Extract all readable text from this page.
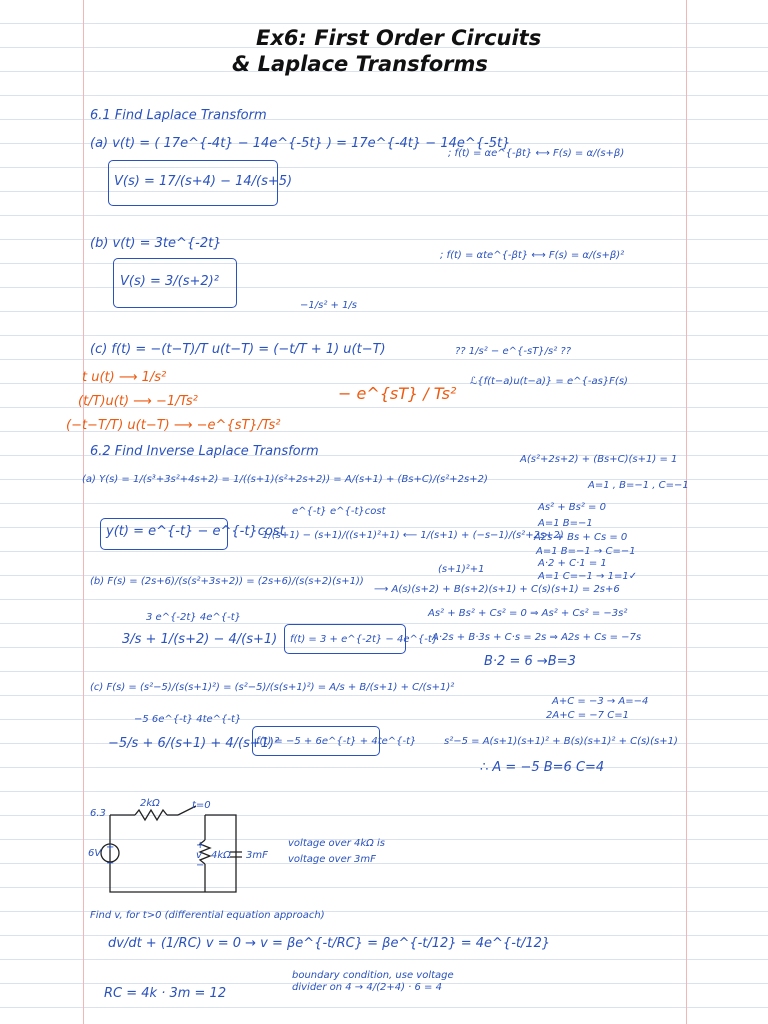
Ex6: First Order Circuits
& Laplace Transforms
6.1 Find Laplace Transform
(a) v(t) = ( 17e^{-4t} − 14e^{-5t} ) = 17e^{-4t} − 14e^{-5t}
; f(t) = αe^{-βt} ⟷ F(s) = α/(s+β)
V(s) = 17/(s+4) − 14/(s+5)
(b) v(t) = 3te^{-2t}
; f(t) = αte^{-βt} ⟷ F(s) = α/(s+β)²
V(s) = 3/(s+2)²
−1/s² + 1/s
(c) f(t) = −(t−T)/T u(t−T) = (−t/T + 1) u(t−T)	?? 1/s² − e^{-sT}/s² ??
ℒ{f(t−a)u(t−a)} = e^{-as}F(s)
t u(t) ⟶ 1/s²
(t/T)u(t) ⟶ −1/Ts²
(−t−T/T) u(t−T) ⟶ −e^{sT}/Ts²
− e^{sT} / Ts²
6.2 Find Inverse Laplace Transform
A(s²+2s+2) + (Bs+C)(s+1) = 1
(a) Y(s) = 1/(s³+3s²+4s+2) = 1/((s+1)(s²+2s+2)) = A/(s+1) + (Bs+C)/(s²+2s+2)
A=1 , B=−1 , C=−1
e^{-t} e^{-t}cost
1/(s+1) − (s+1)/((s+1)²+1) ⟵ 1/(s+1) + (−s−1)/(s²+2s+2)
y(t) = e^{-t} − e^{-t}cost
(s+1)²+1
As² + Bs² = 0
A=1 B=−1
A2s + Bs + Cs = 0
A=1 B=−1 → C=−1
A·2 + C·1 = 1
A=1 C=−1 → 1=1✓
(b) F(s) = (2s+6)/(s(s²+3s+2)) = (2s+6)/(s(s+2)(s+1))
⟶ A(s)(s+2) + B(s+2)(s+1) + C(s)(s+1) = 2s+6
3 e^{-2t} 4e^{-t}
3/s + 1/(s+2) − 4/(s+1) f(t) = 3 + e^{-2t} − 4e^{-t}
As² + Bs² + Cs² = 0 ⇒ As² + Cs² = −3s²
A·2s + B·3s + C·s = 2s ⇒ A2s + Cs = −7s
B·2 = 6 →B=3
(c) F(s) = (s²−5)/(s(s+1)²) = (s²−5)/(s(s+1)²) = A/s + B/(s+1) + C/(s+1)²
−5 6e^{-t} 4te^{-t}
−5/s + 6/(s+1) + 4/(s+1)²
f(t) = −5 + 6e^{-t} + 4te^{-t}
A+C = −3 → A=−4
2A+C = −7 C=1
s²−5 = A(s+1)(s+1)² + B(s)(s+1)² + C(s)(s+1)
∴ A = −5 B=6 C=4
6.3
2kΩ	t=0
6V
+
−
+
v
−
4kΩ 3mF
voltage over 4kΩ is voltage over 3mF
Find v, for t>0 (differential equation approach)
dv/dt + (1/RC) v = 0 → v = βe^{-t/RC} = βe^{-t/12} = 4e^{-t/12}
RC = 4k · 3m = 12
boundary condition, use voltage divider on 4 → 4/(2+4) · 6 = 4
